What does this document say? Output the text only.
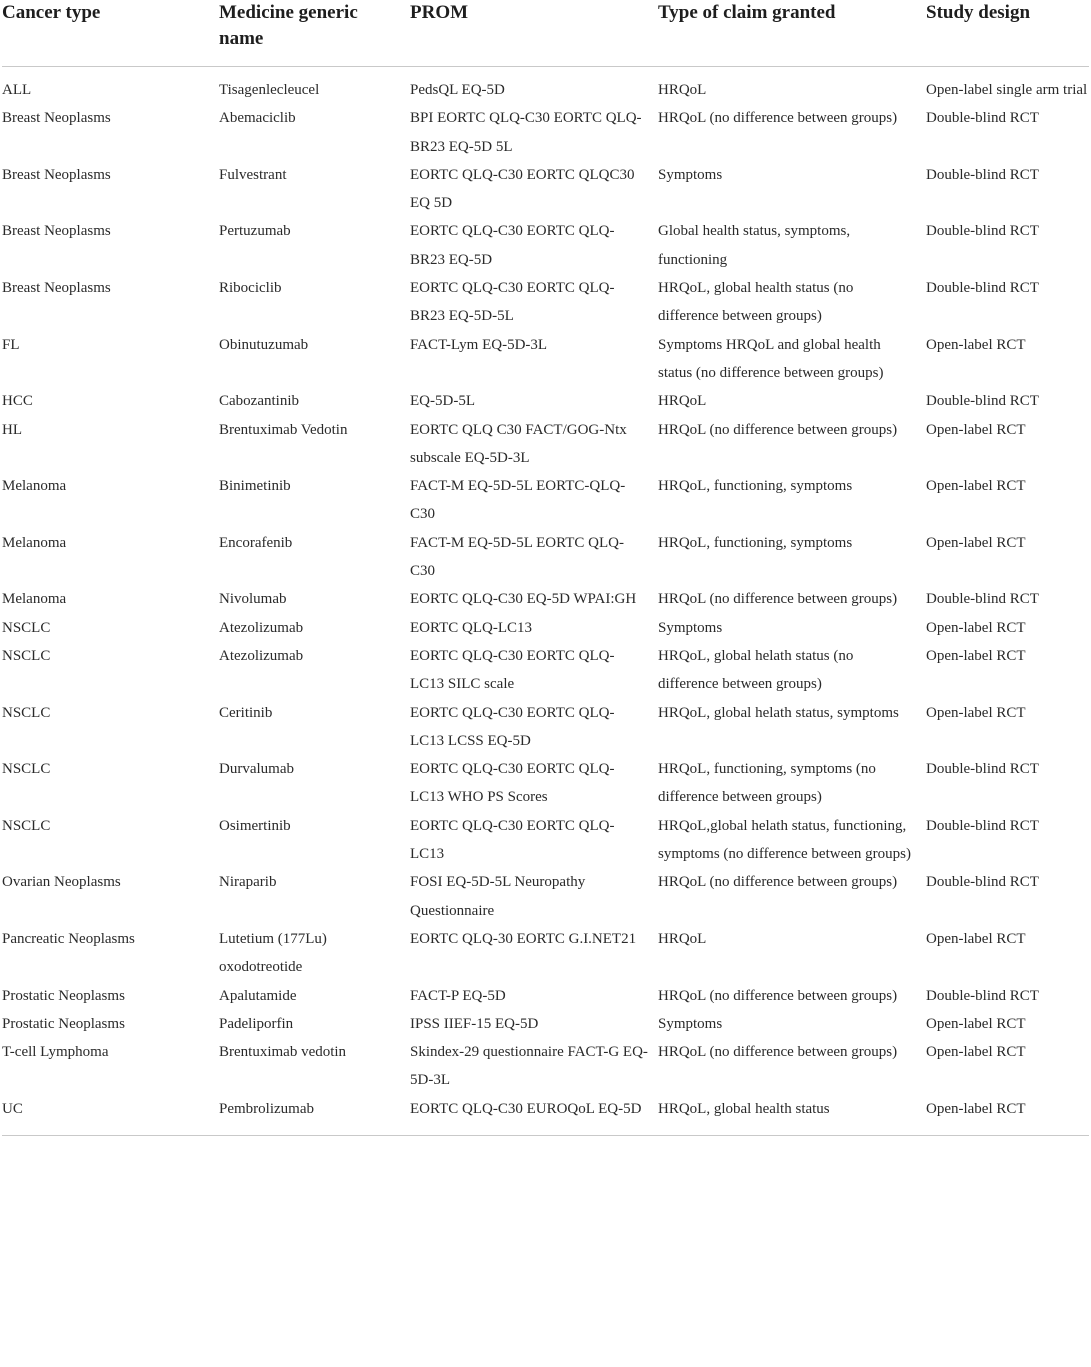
Cancer type	Medicine generic name	PROM	Type of claim granted	Study design
ALL	Tisagenlecleucel	PedsQL EQ-5D	HRQoL	Open-label single arm trial
Breast Neoplasms	Abemaciclib	BPI EORTC QLQ-C30 EORTC QLQ-BR23 EQ-5D 5L	HRQoL (no difference between groups)	Double-blind RCT
Breast Neoplasms	Fulvestrant	EORTC QLQ-C30 EORTC QLQC30 EQ 5D	Symptoms	Double-blind RCT
Breast Neoplasms	Pertuzumab	EORTC QLQ-C30 EORTC QLQ-BR23 EQ-5D	Global health status, symptoms, functioning	Double-blind RCT
Breast Neoplasms	Ribociclib	EORTC QLQ-C30 EORTC QLQ-BR23 EQ-5D-5L	HRQoL, global health status (no difference between groups)	Double-blind RCT
FL	Obinutuzumab	FACT-Lym EQ-5D-3L	Symptoms HRQoL and global health status (no difference between groups)	Open-label RCT
HCC	Cabozantinib	EQ-5D-5L	HRQoL	Double-blind RCT
HL	Brentuximab Vedotin	EORTC QLQ C30 FACT/GOG-Ntx subscale EQ-5D-3L	HRQoL (no difference between groups)	Open-label RCT
Melanoma	Binimetinib	FACT-M EQ-5D-5L EORTC-QLQ-C30	HRQoL, functioning, symptoms	Open-label RCT
Melanoma	Encorafenib	FACT-M EQ-5D-5L EORTC QLQ-C30	HRQoL, functioning, symptoms	Open-label RCT
Melanoma	Nivolumab	EORTC QLQ-C30 EQ-5D WPAI:GH	HRQoL (no difference between groups)	Double-blind RCT
NSCLC	Atezolizumab	EORTC QLQ-LC13	Symptoms	Open-label RCT
NSCLC	Atezolizumab	EORTC QLQ-C30 EORTC QLQ-LC13 SILC scale	HRQoL, global helath status (no difference between groups)	Open-label RCT
NSCLC	Ceritinib	EORTC QLQ-C30 EORTC QLQ-LC13 LCSS EQ-5D	HRQoL, global helath status, symptoms	Open-label RCT
NSCLC	Durvalumab	EORTC QLQ-C30 EORTC QLQ-LC13 WHO PS Scores	HRQoL, functioning, symptoms (no difference between groups)	Double-blind RCT
NSCLC	Osimertinib	EORTC QLQ-C30 EORTC QLQ-LC13	HRQoL,global helath status, functioning, symptoms (no difference between groups)	Double-blind RCT
Ovarian Neoplasms	Niraparib	FOSI EQ-5D-5L Neuropathy Questionnaire	HRQoL (no difference between groups)	Double-blind RCT
Pancreatic Neoplasms	Lutetium (177Lu) oxodotreotide	EORTC QLQ-30 EORTC G.I.NET21	HRQoL	Open-label RCT
Prostatic Neoplasms	Apalutamide	FACT-P EQ-5D	HRQoL (no difference between groups)	Double-blind RCT
Prostatic Neoplasms	Padeliporfin	IPSS IIEF-15 EQ-5D	Symptoms	Open-label RCT
T-cell Lymphoma	Brentuximab vedotin	Skindex-29 questionnaire FACT-G EQ-5D-3L	HRQoL (no difference between groups)	Open-label RCT
UC	Pembrolizumab	EORTC QLQ-C30 EUROQoL EQ-5D	HRQoL, global health status	Open-label RCT
